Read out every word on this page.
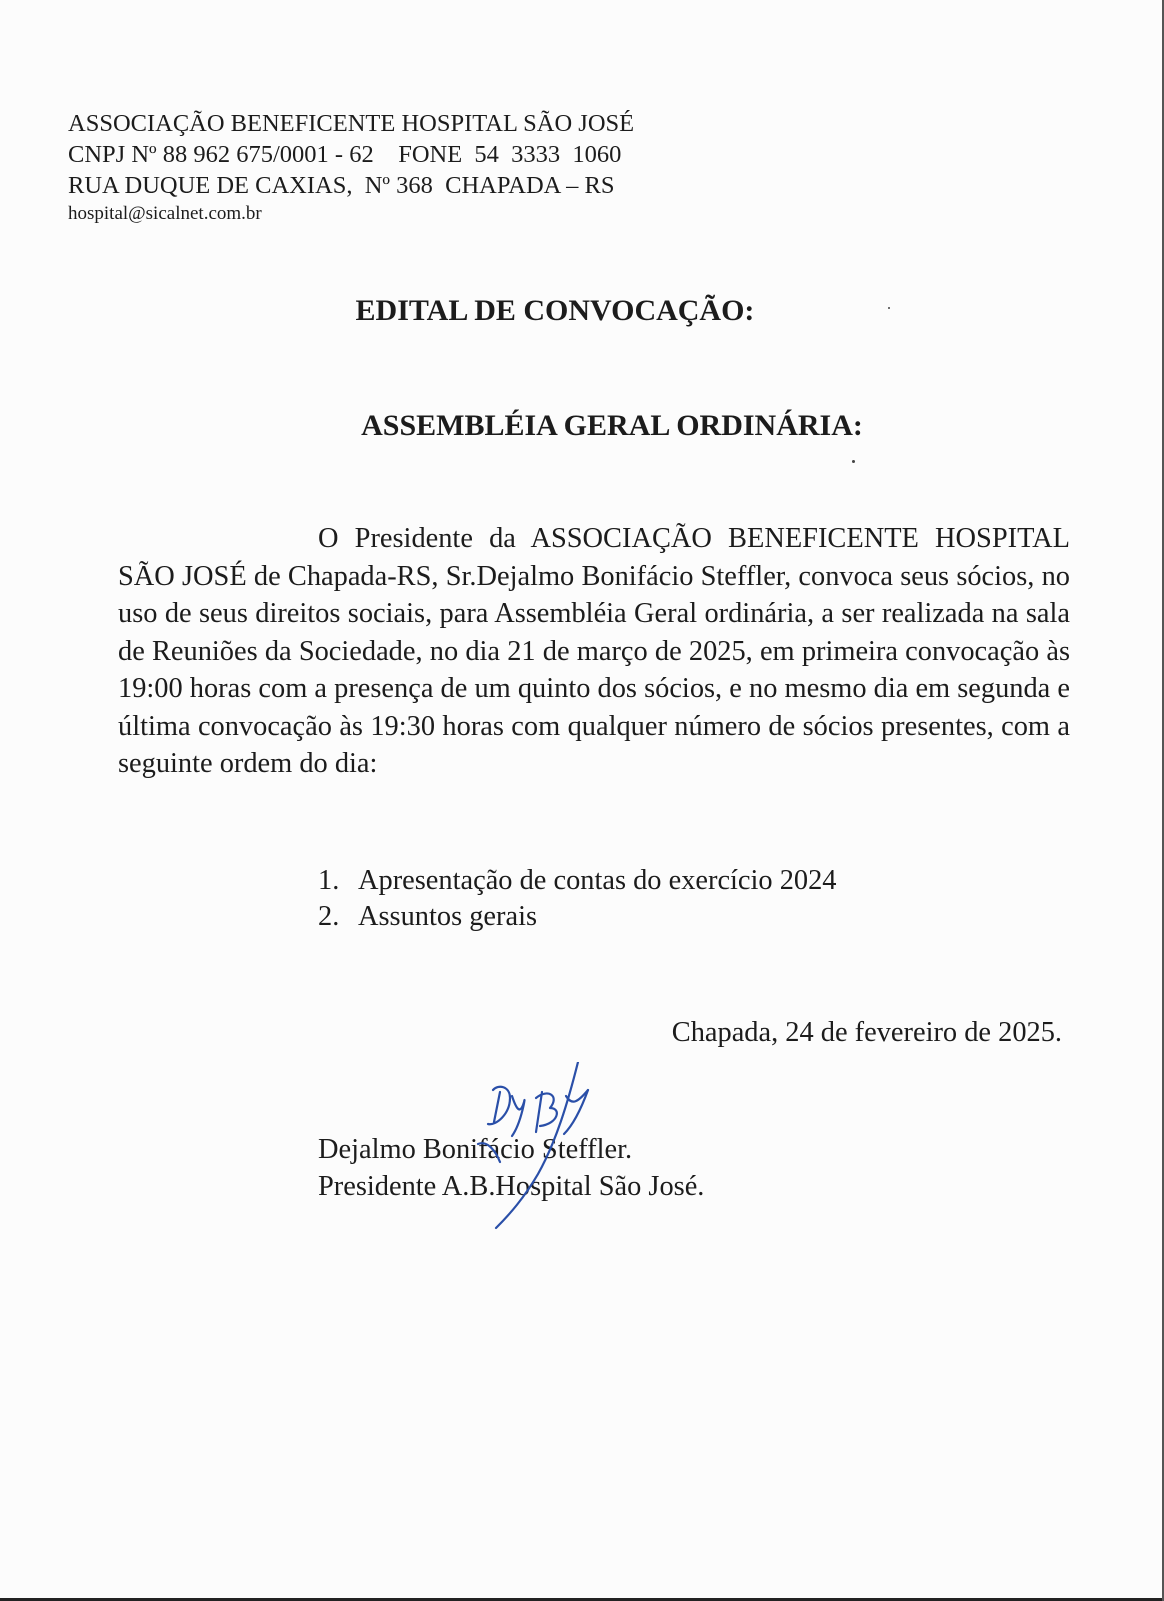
ASSOCIAÇÃO BENEFICENTE HOSPITAL SÃO JOSÉ
CNPJ Nº 88 962 675/0001 - 62    FONE  54  3333  1060
RUA DUQUE DE CAXIAS,  Nº 368  CHAPADA – RS
hospital@sicalnet.com.br
EDITAL DE CONVOCAÇÃO:
ASSEMBLÉIA GERAL ORDINÁRIA:

O Presidente da ASSOCIAÇÃO BENEFICENTE HOSPITAL SÃO JOSÉ de Chapada-RS, Sr.Dejalmo Bonifácio Steffler, convoca seus sócios, no uso de seus direitos sociais, para Assembléia Geral ordinária, a ser realizada na sala de Reuniões da Sociedade, no dia 21 de março de 2025, em primeira convocação às 19:00 horas com a presença de um quinto dos sócios, e no mesmo dia em segunda e última convocação às 19:30 horas com qualquer número de sócios presentes, com a seguinte ordem do dia:

1. Apresentação de contas do exercício 2024
2. Assuntos gerais
Chapada, 24 de fevereiro de 2025.
Dejalmo Bonifácio Steffler.
Presidente A.B.Hospital São José.
